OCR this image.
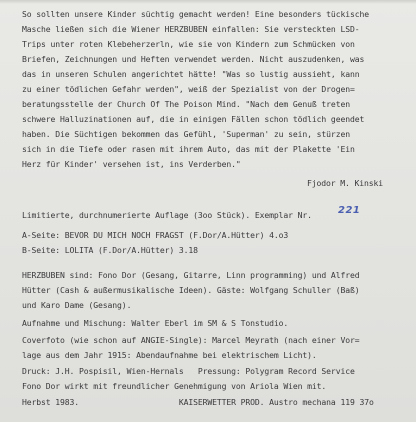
So sollten unsere Kinder süchtig gemacht werden! Eine besonders tückische
Masche ließen sich die Wiener HERZBUBEN einfallen: Sie versteckten LSD-
Trips unter roten Klebeherzerln, wie sie von Kindern zum Schmücken von
Briefen, Zeichnungen und Heften verwendet werden. Nicht auszudenken, was
das in unseren Schulen angerichtet hätte! "Was so lustig aussieht, kann
zu einer tödlichen Gefahr werden", weiß der Spezialist von der Drogen=
beratungsstelle der Church Of The Poison Mind. "Nach dem Genuß treten
schwere Halluzinationen auf, die in einigen Fällen schon tödlich geendet
haben. Die Süchtigen bekommen das Gefühl, 'Superman' zu sein, stürzen
sich in die Tiefe oder rasen mit ihrem Auto, das mit der Plakette 'Ein
Herz für Kinder' versehen ist, ins Verderben."
Fjodor M. Kinski
Limitierte, durchnumerierte Auflage (3oo Stück). Exemplar Nr.	221
A-Seite: BEVOR DU MICH NOCH FRAGST (F.Dor/A.Hütter) 4.o3
B-Seite: LOLITA (F.Dor/A.Hütter) 3.18
HERZBUBEN sind: Fono Dor (Gesang, Gitarre, Linn programming) und Alfred
Hütter (Cash & außermusikalische Ideen). Gäste: Wolfgang Schuller (Baß)
und Karo Dame (Gesang).
Aufnahme und Mischung: Walter Eberl im SM & S Tonstudio.
Coverfoto (wie schon auf ANGIE-Single): Marcel Meyrath (nach einer Vor=
lage aus dem Jahr 1915: Abendaufnahme bei elektrischem Licht).
Druck: J.H. Pospisil, Wien-Hernals   Pressung: Polygram Record Service
Fono Dor wirkt mit freundlicher Genehmigung von Ariola Wien mit.
Herbst 1983.                     KAISERWETTER PROD. Austro mechana 119 37o
